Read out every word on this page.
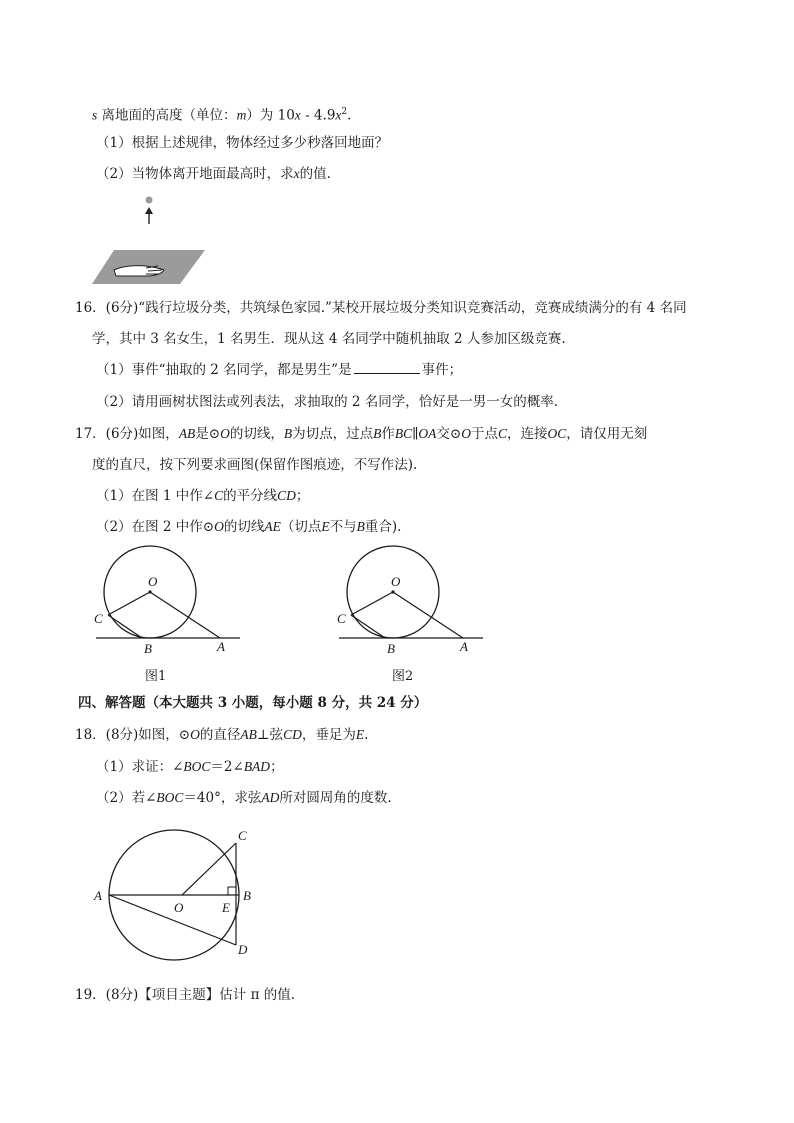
s 离地面的高度（单位：m）为 $10x - 4.9x^2$.
（1）根据上述规律，物体经过多少秒落回地面？
（2）当物体离开地面最高时，求x的值.
16．(6分)“践行垃圾分类，共筑绿色家园.”某校开展垃圾分类知识竞赛活动，竞赛成绩满分的有 4 名同
学，其中 3 名女生，1 名男生．现从这 4 名同学中随机抽取 2 人参加区级竞赛.
（1）事件“抽取的 2 名同学，都是男生”是	事件；
（2）请用画树状图法或列表法，求抽取的 2 名同学，恰好是一男一女的概率.
17．(6分)如图，AB是⊙O的切线，B为切点，过点B作BC∥OA交⊙O于点C，连接OC，请仅用无刻
度的直尺，按下列要求画图(保留作图痕迹，不写作法).
（1）在图 1 中作∠C的平分线CD；
（2）在图 2 中作⊙O的切线AE（切点E不与B重合).
O
C
B	A
图1
O
C
B	A
图2
四、解答题（本大题共 3 小题，每小题 8 分，共 24 分）
18．(8分)如图，⊙O的直径AB⊥弦CD，垂足为E.
（1）求证：∠BOC＝2∠BAD；
（2）若∠BOC＝40°，求弦AD所对圆周角的度数.
A	B
C
D
O	E
19．(8分)【项目主题】估计 π 的值.
